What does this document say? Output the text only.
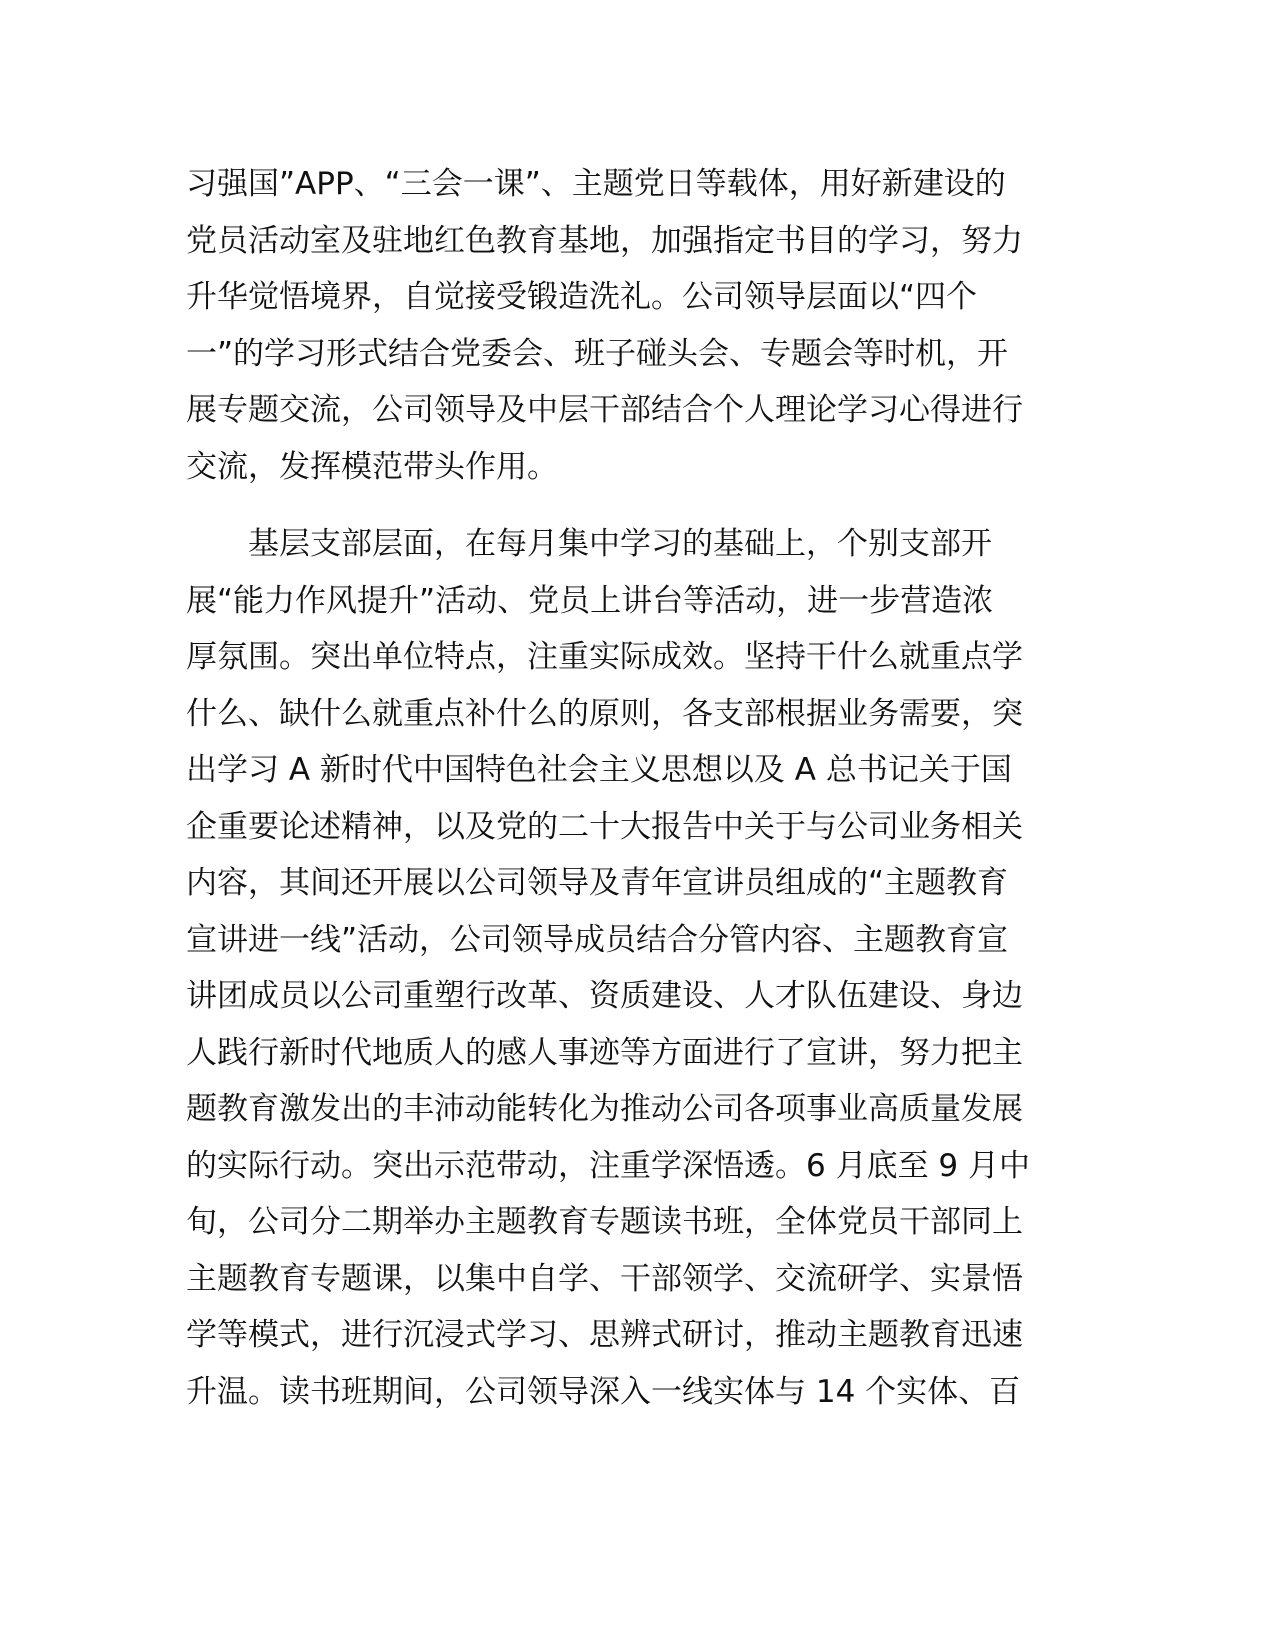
习强国”APP、“三会一课”、主题党日等载体，用好新建设的
党员活动室及驻地红色教育基地，加强指定书目的学习，努力
升华觉悟境界，自觉接受锻造洗礼。公司领导层面以“四个
一”的学习形式结合党委会、班子碰头会、专题会等时机，开
展专题交流，公司领导及中层干部结合个人理论学习心得进行
交流，发挥模范带头作用。
　　基层支部层面，在每月集中学习的基础上，个别支部开
展“能力作风提升”活动、党员上讲台等活动，进一步营造浓
厚氛围。突出单位特点，注重实际成效。坚持干什么就重点学
什么、缺什么就重点补什么的原则，各支部根据业务需要，突
出学习 A 新时代中国特色社会主义思想以及 A 总书记关于国
企重要论述精神，以及党的二十大报告中关于与公司业务相关
内容，其间还开展以公司领导及青年宣讲员组成的“主题教育
宣讲进一线”活动，公司领导成员结合分管内容、主题教育宣
讲团成员以公司重塑行改革、资质建设、人才队伍建设、身边
人践行新时代地质人的感人事迹等方面进行了宣讲，努力把主
题教育激发出的丰沛动能转化为推动公司各项事业高质量发展
的实际行动。突出示范带动，注重学深悟透。6 月底至 9 月中
旬，公司分二期举办主题教育专题读书班，全体党员干部同上
主题教育专题课，以集中自学、干部领学、交流研学、实景悟
学等模式，进行沉浸式学习、思辨式研讨，推动主题教育迅速
升温。读书班期间，公司领导深入一线实体与 14 个实体、百
